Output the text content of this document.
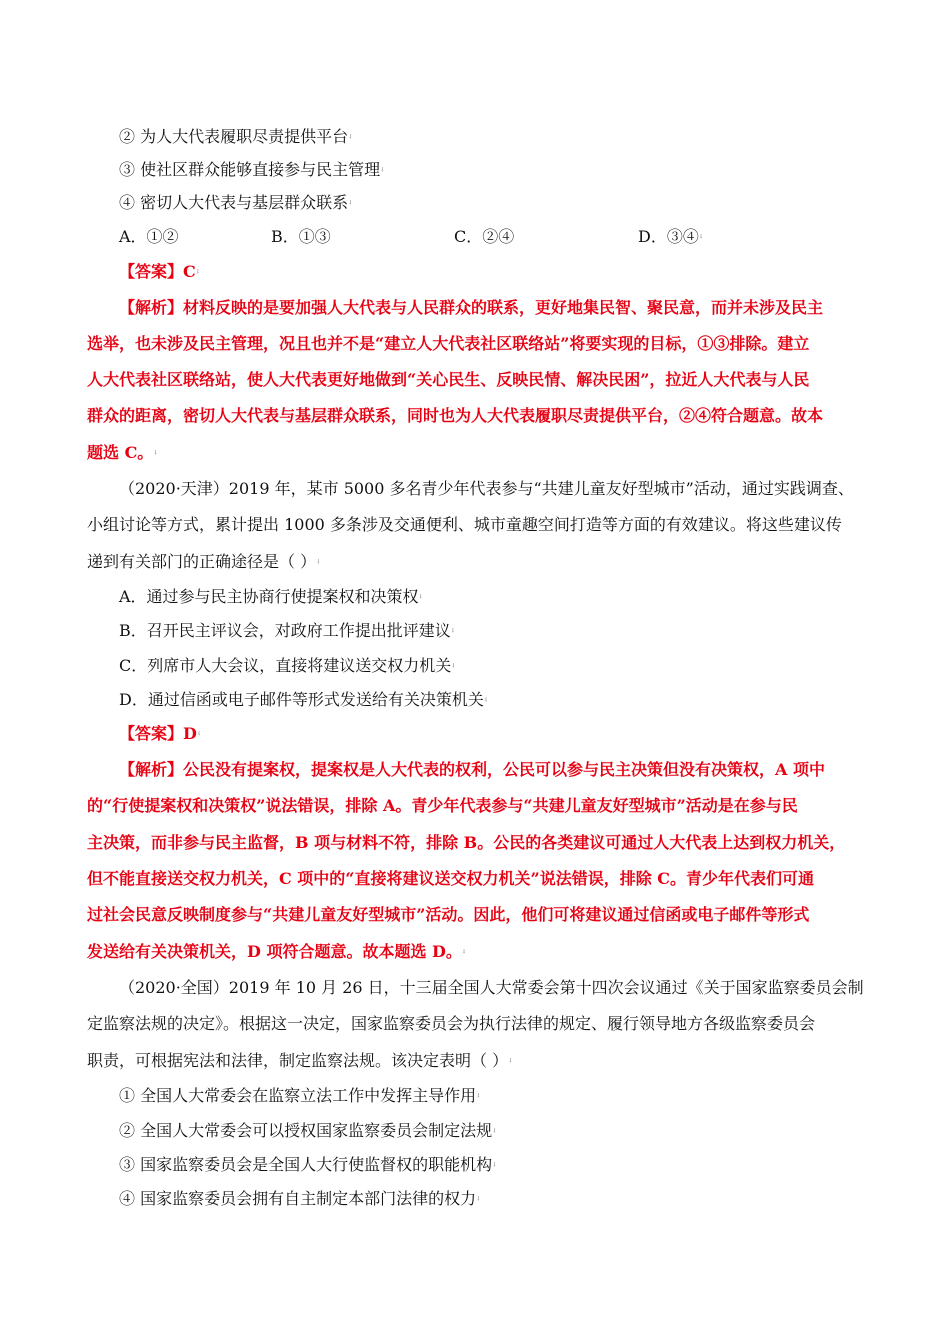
② 为人大代表履职尽责提供平台ꜜ
③ 使社区群众能够直接参与民主管理ꜜ
④ 密切人大代表与基层群众联系ꜜ
A．①②	B．①③	C．②④	D．③④ꜜ
【答案】Cꜜ
【解析】材料反映的是要加强人大代表与人民群众的联系，更好地集民智、聚民意，而并未涉及民主
选举，也未涉及民主管理，况且也并不是“建立人大代表社区联络站”将要实现的目标，①③排除。建立
人大代表社区联络站，使人大代表更好地做到“关心民生、反映民情、解决民困”，拉近人大代表与人民
群众的距离，密切人大代表与基层群众联系，同时也为人大代表履职尽责提供平台，②④符合题意。故本
题选 C。ꜜ
（2020·天津）2019 年，某市 5000 多名青少年代表参与“共建儿童友好型城市”活动，通过实践调查、
小组讨论等方式，累计提出 1000 多条涉及交通便利、城市童趣空间打造等方面的有效建议。将这些建议传
递到有关部门的正确途径是（ ）ꜜ
A．通过参与民主协商行使提案权和决策权ꜜ
B．召开民主评议会，对政府工作提出批评建议ꜜ
C．列席市人大会议，直接将建议送交权力机关ꜜ
D．通过信函或电子邮件等形式发送给有关决策机关ꜜ
【答案】Dꜜ
【解析】公民没有提案权，提案权是人大代表的权利，公民可以参与民主决策但没有决策权，A 项中
的“行使提案权和决策权”说法错误，排除 A。青少年代表参与“共建儿童友好型城市”活动是在参与民
主决策，而非参与民主监督，B 项与材料不符，排除 B。公民的各类建议可通过人大代表上达到权力机关，
但不能直接送交权力机关，C 项中的“直接将建议送交权力机关”说法错误，排除 C。青少年代表们可通
过社会民意反映制度参与“共建儿童友好型城市”活动。因此，他们可将建议通过信函或电子邮件等形式
发送给有关决策机关，D 项符合题意。故本题选 D。ꜜ
（2020·全国）2019 年 10 月 26 日，十三届全国人大常委会第十四次会议通过《关于国家监察委员会制
定监察法规的决定》。根据这一决定，国家监察委员会为执行法律的规定、履行领导地方各级监察委员会
职责，可根据宪法和法律，制定监察法规。该决定表明（ ）ꜜ
① 全国人大常委会在监察立法工作中发挥主导作用ꜜ
② 全国人大常委会可以授权国家监察委员会制定法规ꜜ
③ 国家监察委员会是全国人大行使监督权的职能机构ꜜ
④ 国家监察委员会拥有自主制定本部门法律的权力ꜜ
